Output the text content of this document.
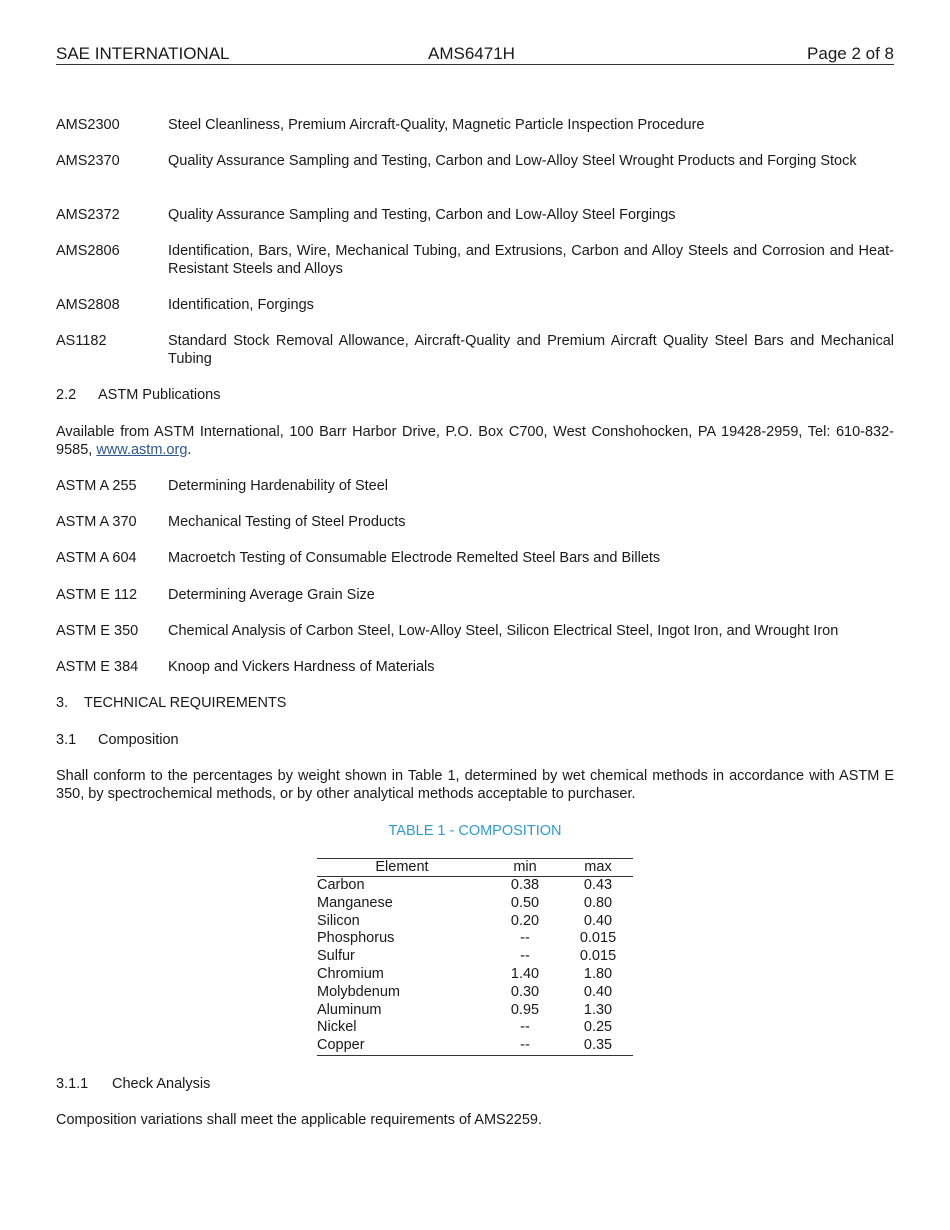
SAE INTERNATIONAL	AMS6471H	Page 2 of 8
AMS2300	Steel Cleanliness, Premium Aircraft-Quality, Magnetic Particle Inspection Procedure
AMS2370	Quality Assurance Sampling and Testing, Carbon and Low-Alloy Steel Wrought Products and Forging Stock
AMS2372	Quality Assurance Sampling and Testing, Carbon and Low-Alloy Steel Forgings
AMS2806	Identification, Bars, Wire, Mechanical Tubing, and Extrusions, Carbon and Alloy Steels and Corrosion and Heat-Resistant Steels and Alloys
AMS2808	Identification, Forgings
AS1182	Standard Stock Removal Allowance, Aircraft-Quality and Premium Aircraft Quality Steel Bars and Mechanical Tubing
2.2 ASTM Publications
Available from ASTM International, 100 Barr Harbor Drive, P.O. Box C700, West Conshohocken, PA 19428-2959, Tel: 610-832-9585, www.astm.org.
ASTM A 255	Determining Hardenability of Steel
ASTM A 370	Mechanical Testing of Steel Products
ASTM A 604	Macroetch Testing of Consumable Electrode Remelted Steel Bars and Billets
ASTM E 112	Determining Average Grain Size
ASTM E 350	Chemical Analysis of Carbon Steel, Low-Alloy Steel, Silicon Electrical Steel, Ingot Iron, and Wrought Iron
ASTM E 384	Knoop and Vickers Hardness of Materials
3. TECHNICAL REQUIREMENTS
3.1 Composition
Shall conform to the percentages by weight shown in Table 1, determined by wet chemical methods in accordance with ASTM E 350, by spectrochemical methods, or by other analytical methods acceptable to purchaser.
TABLE 1 - COMPOSITION
Element	min	max
Carbon	0.38	0.43
Manganese	0.50	0.80
Silicon	0.20	0.40
Phosphorus	--	0.015
Sulfur	--	0.015
Chromium	1.40	1.80
Molybdenum	0.30	0.40
Aluminum	0.95	1.30
Nickel	--	0.25
Copper	--	0.35
3.1.1 Check Analysis
Composition variations shall meet the applicable requirements of AMS2259.
